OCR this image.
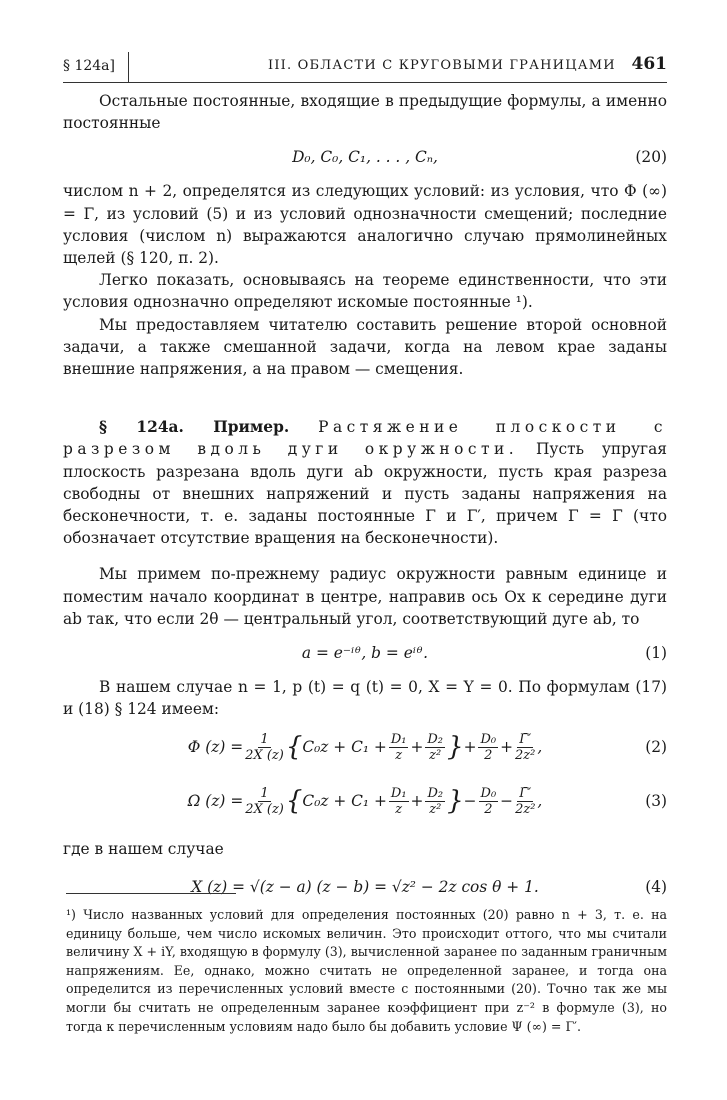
§ 124a]	III. ОБЛАСТИ С КРУГОВЫМИ ГРАНИЦАМИ 461

Остальные постоянные, входящие в предыдущие формулы, а именно постоянные

D₀, C₀, C₁, . . . , Cₙ,	(20)

числом n + 2, определятся из следующих условий: из условия, что Φ (∞) = Γ, из условий (5) и из условий однозначности смещений; последние условия (числом n) выражаются аналогично случаю прямолинейных щелей (§ 120, п. 2).

Легко показать, основываясь на теореме единственности, что эти условия однозначно определяют искомые постоянные ¹).

Мы предоставляем читателю составить решение второй основной задачи, а также смешанной задачи, когда на левом крае заданы внешние напряжения, а на правом — смещения.

§ 124а. Пример. Растяжение плоскости с разрезом вдоль дуги окружности. Пусть упругая плоскость разрезана вдоль дуги ab окружности, пусть края разреза свободны от внешних напряжений и пусть заданы напряжения на бесконечности, т. е. заданы постоянные Γ и Γ′, причем Γ = Γ̄ (что обозначает отсутствие вращения на бесконечности).

Мы примем по-прежнему радиус окружности равным единице и поместим начало координат в центре, направив ось Ox к середине дуги ab так, что если 2θ — центральный угол, соответствующий дуге ab, то

a = e⁻ⁱᶿ, b = eⁱᶿ.	(1)

В нашем случае n = 1, p (t) = q (t) = 0, X = Y = 0. По формулам (17) и (18) § 124 имеем:

Φ $(z) = \frac{1}{2X (z)}$ { $C_0z + C_1 + \frac{\text{D₁}}{z} + \frac{\text{D₂}}{\text{z²}}$ } + $\frac{\text{D₀}}{2} + \frac{\Gammā'}{\text{2z²}}$ ,	(2)
Ω $(z) = \frac{1}{2X (z)}$ { $C_0z + C_1 + \frac{\text{D₁}}{z} + \frac{\text{D₂}}{\text{z²}}$ } − $\frac{\text{D₀}}{2} - \frac{\Gammā'}{\text{2z²}}$ ,	(3)

где в нашем случае

X (z) = √(z − a) (z − b) = √z² − 2z cos θ + 1.	(4)

¹) Число названных условий для определения постоянных (20) равно n + 3, т. е. на единицу больше, чем число искомых величин. Это происходит оттого, что мы считали величину X + iY, входящую в формулу (3), вычисленной заранее по заданным граничным напряжениям. Ее, однако, можно считать не определенной заранее, и тогда она определится из перечисленных условий вместе с постоянными (20). Точно так же мы могли бы считать не определенным заранее коэффициент при z⁻² в формуле (3), но тогда к перечисленным условиям надо было бы добавить условие Ψ (∞) = Γ′.
